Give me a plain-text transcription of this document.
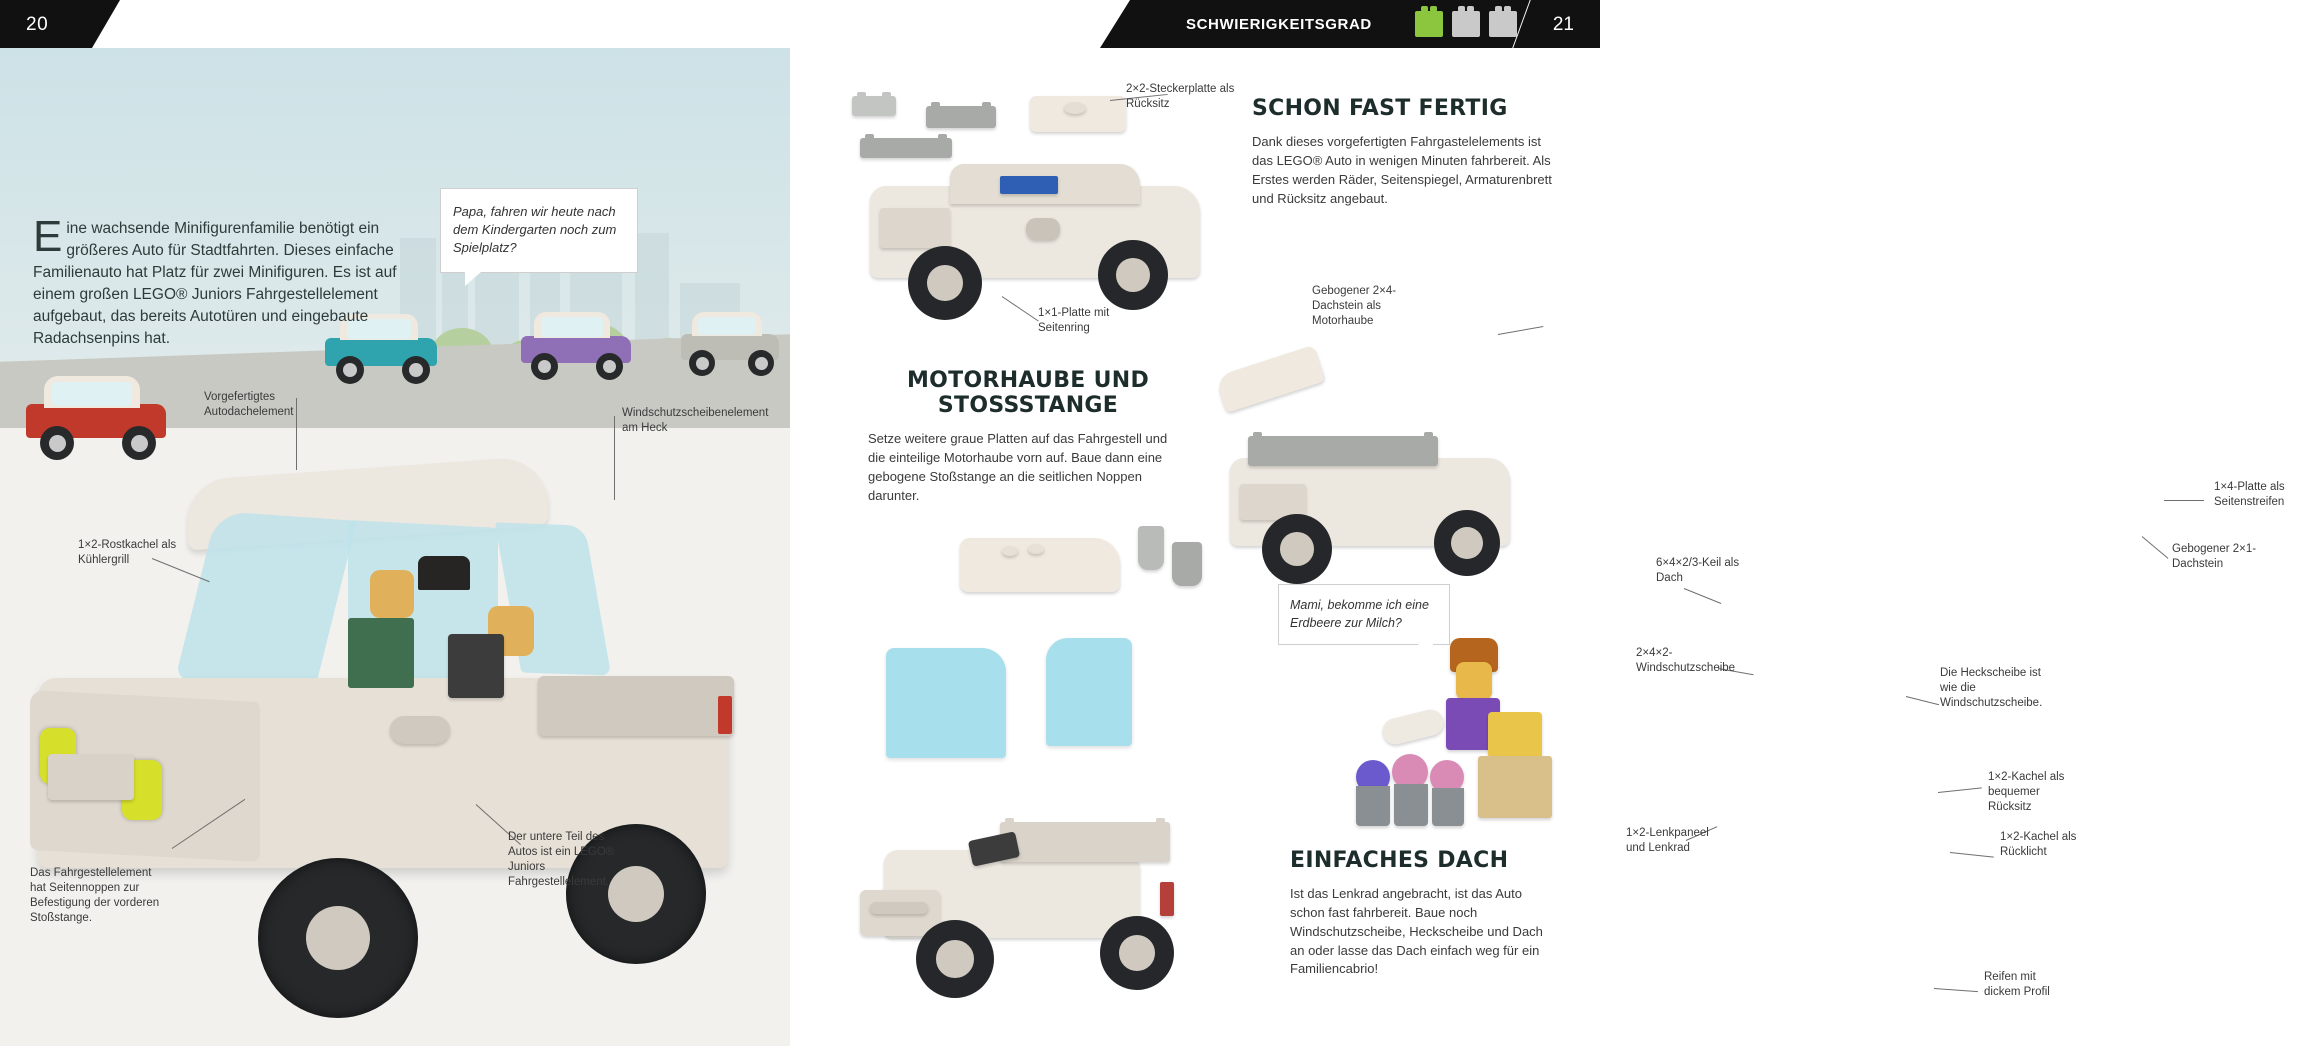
20	SCHWIERIGKEITSGRAD	21
Papa, fahren wir heute nach dem Kindergarten noch zum Spielplatz?
E ine wachsende Minifigurenfamilie benötigt ein größeres Auto für Stadtfahrten. Dieses einfache Familienauto hat Platz für zwei Minifiguren. Es ist auf einem großen LEGO® Juniors Fahrgestellelement aufgebaut, das bereits Autotüren und eingebaute Radachsenpins hat.
Vorgefertigtes Autodachelement	Windschutzscheibenelement am Heck
1×2-Rostkachel als Kühlergrill
Der untere Teil des Autos ist ein LEGO® Juniors Fahrgestellelement.
Das Fahrgestellelement hat Seitennoppen zur Befestigung der vorderen Stoßstange.
2×2-Steckerplatte als Rücksitz
1×1-Platte mit Seitenring
SCHON FAST FERTIG
Dank dieses vorgefertigten Fahrgastelelements ist das LEGO® Auto in wenigen Minuten fahrbereit. Als Erstes werden Räder, Seitenspiegel, Armaturenbrett und Rücksitz angebaut.
MOTORHAUBE UND STOSSSTANGE
Setze weitere graue Platten auf das Fahrgestell und die einteilige Motorhaube vorn auf. Baue dann eine gebogene Stoßstange an die seitlichen Noppen darunter.
Gebogener 2×4-Dachstein als Motorhaube
1×4-Platte als Seitenstreifen
Gebogener 2×1-Dachstein
6×4×2/3-Keil als Dach
2×4×2-Windschutzscheibe	Die Heckscheibe ist wie die Windschutzscheibe.
1×2-Lenkpaneel und Lenkrad
1×2-Kachel als bequemer Rücksitz
1×2-Kachel als Rücklicht
Reifen mit dickem Profil
Mami, bekomme ich eine Erdbeere zur Milch?
EINFACHES DACH
Ist das Lenkrad angebracht, ist das Auto schon fast fahrbereit. Baue noch Windschutzscheibe, Heckscheibe und Dach an oder lasse das Dach einfach weg für ein Familiencabrio!
